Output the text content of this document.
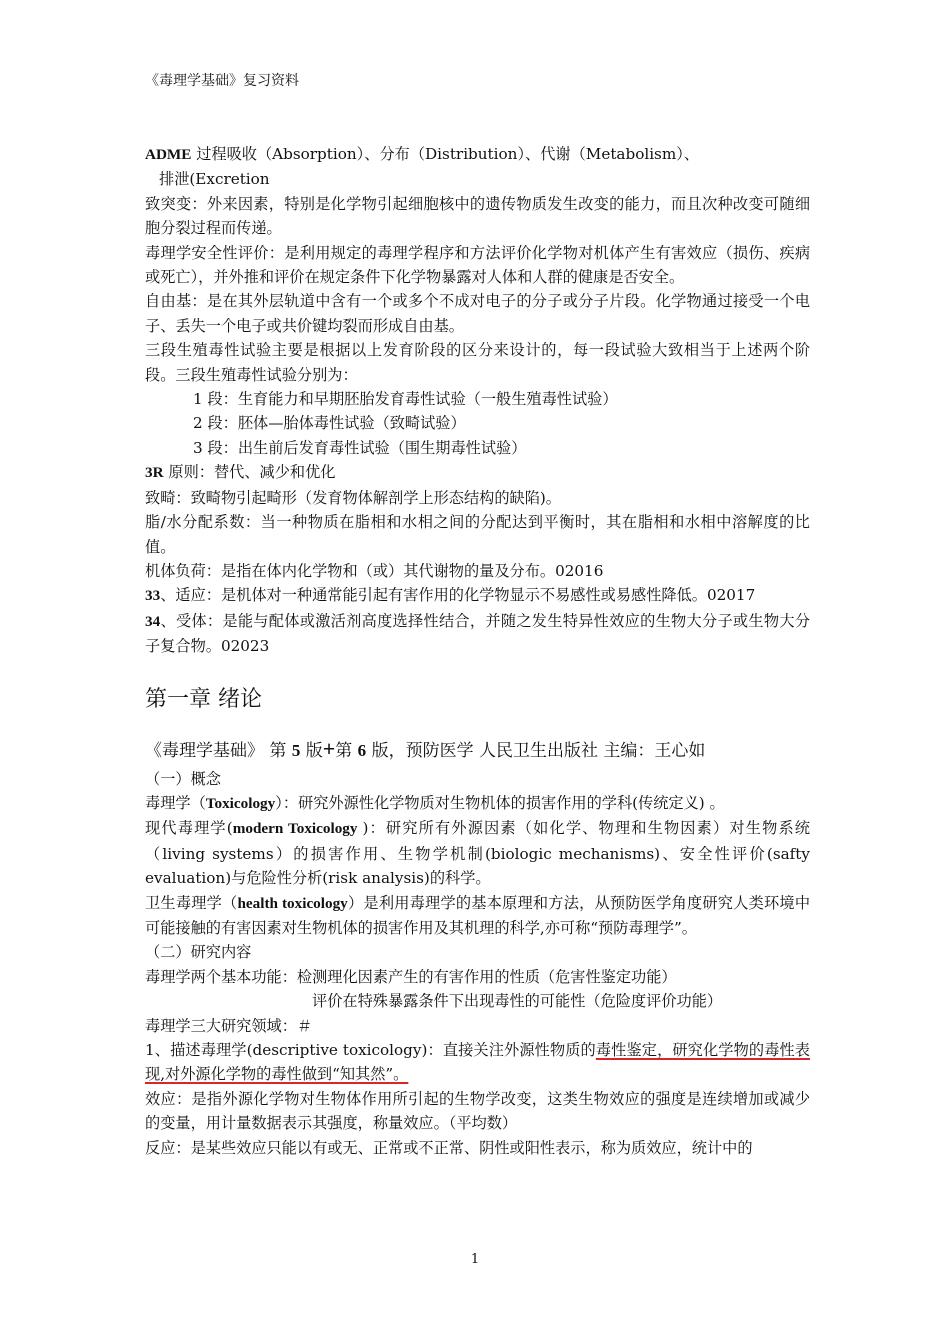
《毒理学基础》复习资料

ADME 过程吸收（Absorption）、分布（Distribution）、代谢（Metabolism）、

排泄(Excretion

致突变：外来因素，特别是化学物引起细胞核中的遗传物质发生改变的能力，而且次种改变可随细胞分裂过程而传递。

毒理学安全性评价：是利用规定的毒理学程序和方法评价化学物对机体产生有害效应（损伤、疾病或死亡），并外推和评价在规定条件下化学物暴露对人体和人群的健康是否安全。

自由基：是在其外层轨道中含有一个或多个不成对电子的分子或分子片段。化学物通过接受一个电子、丢失一个电子或共价键均裂而形成自由基。

三段生殖毒性试验主要是根据以上发育阶段的区分来设计的，每一段试验大致相当于上述两个阶段。三段生殖毒性试验分别为：

1 段：生育能力和早期胚胎发育毒性试验（一般生殖毒性试验）

2 段：胚体—胎体毒性试验（致畸试验）

3 段：出生前后发育毒性试验（围生期毒性试验）

3R 原则：替代、减少和优化

致畸：致畸物引起畸形（发育物体解剖学上形态结构的缺陷)。

脂/水分配系数：当一种物质在脂相和水相之间的分配达到平衡时，其在脂相和水相中溶解度的比值。

机体负荷：是指在体内化学物和（或）其代谢物的量及分布。02016

33、适应：是机体对一种通常能引起有害作用的化学物显示不易感性或易感性降低。02017

34、受体：是能与配体或激活剂高度选择性结合，并随之发生特异性效应的生物大分子或生物大分子复合物。02023

第一章 绪论

《毒理学基础》 第 5 版+第 6 版，预防医学 人民卫生出版社 主编：王心如

（一）概念

毒理学（Toxicology）：研究外源性化学物质对生物机体的损害作用的学科(传统定义) 。

现代毒理学(modern Toxicology )：研究所有外源因素（如化学、物理和生物因素）对生物系统（living systems）的损害作用、生物学机制(biologic mechanisms)、安全性评价(safty evaluation)与危险性分析(risk analysis)的科学。

卫生毒理学（health toxicology）是利用毒理学的基本原理和方法，从预防医学角度研究人类环境中可能接触的有害因素对生物机体的损害作用及其机理的科学,亦可称“预防毒理学”。

（二）研究内容

毒理学两个基本功能：检测理化因素产生的有害作用的性质（危害性鉴定功能）

评价在特殊暴露条件下出现毒性的可能性（危险度评价功能）

毒理学三大研究领域：＃

1、描述毒理学(descriptive toxicology)：直接关注外源性物质的毒性鉴定，研究化学物的毒性表现,对外源化学物的毒性做到“知其然”。

效应：是指外源化学物对生物体作用所引起的生物学改变，这类生物效应的强度是连续增加或减少的变量，用计量数据表示其强度，称量效应。（平均数）

反应：是某些效应只能以有或无、正常或不正常、阴性或阳性表示，称为质效应，统计中的

1
